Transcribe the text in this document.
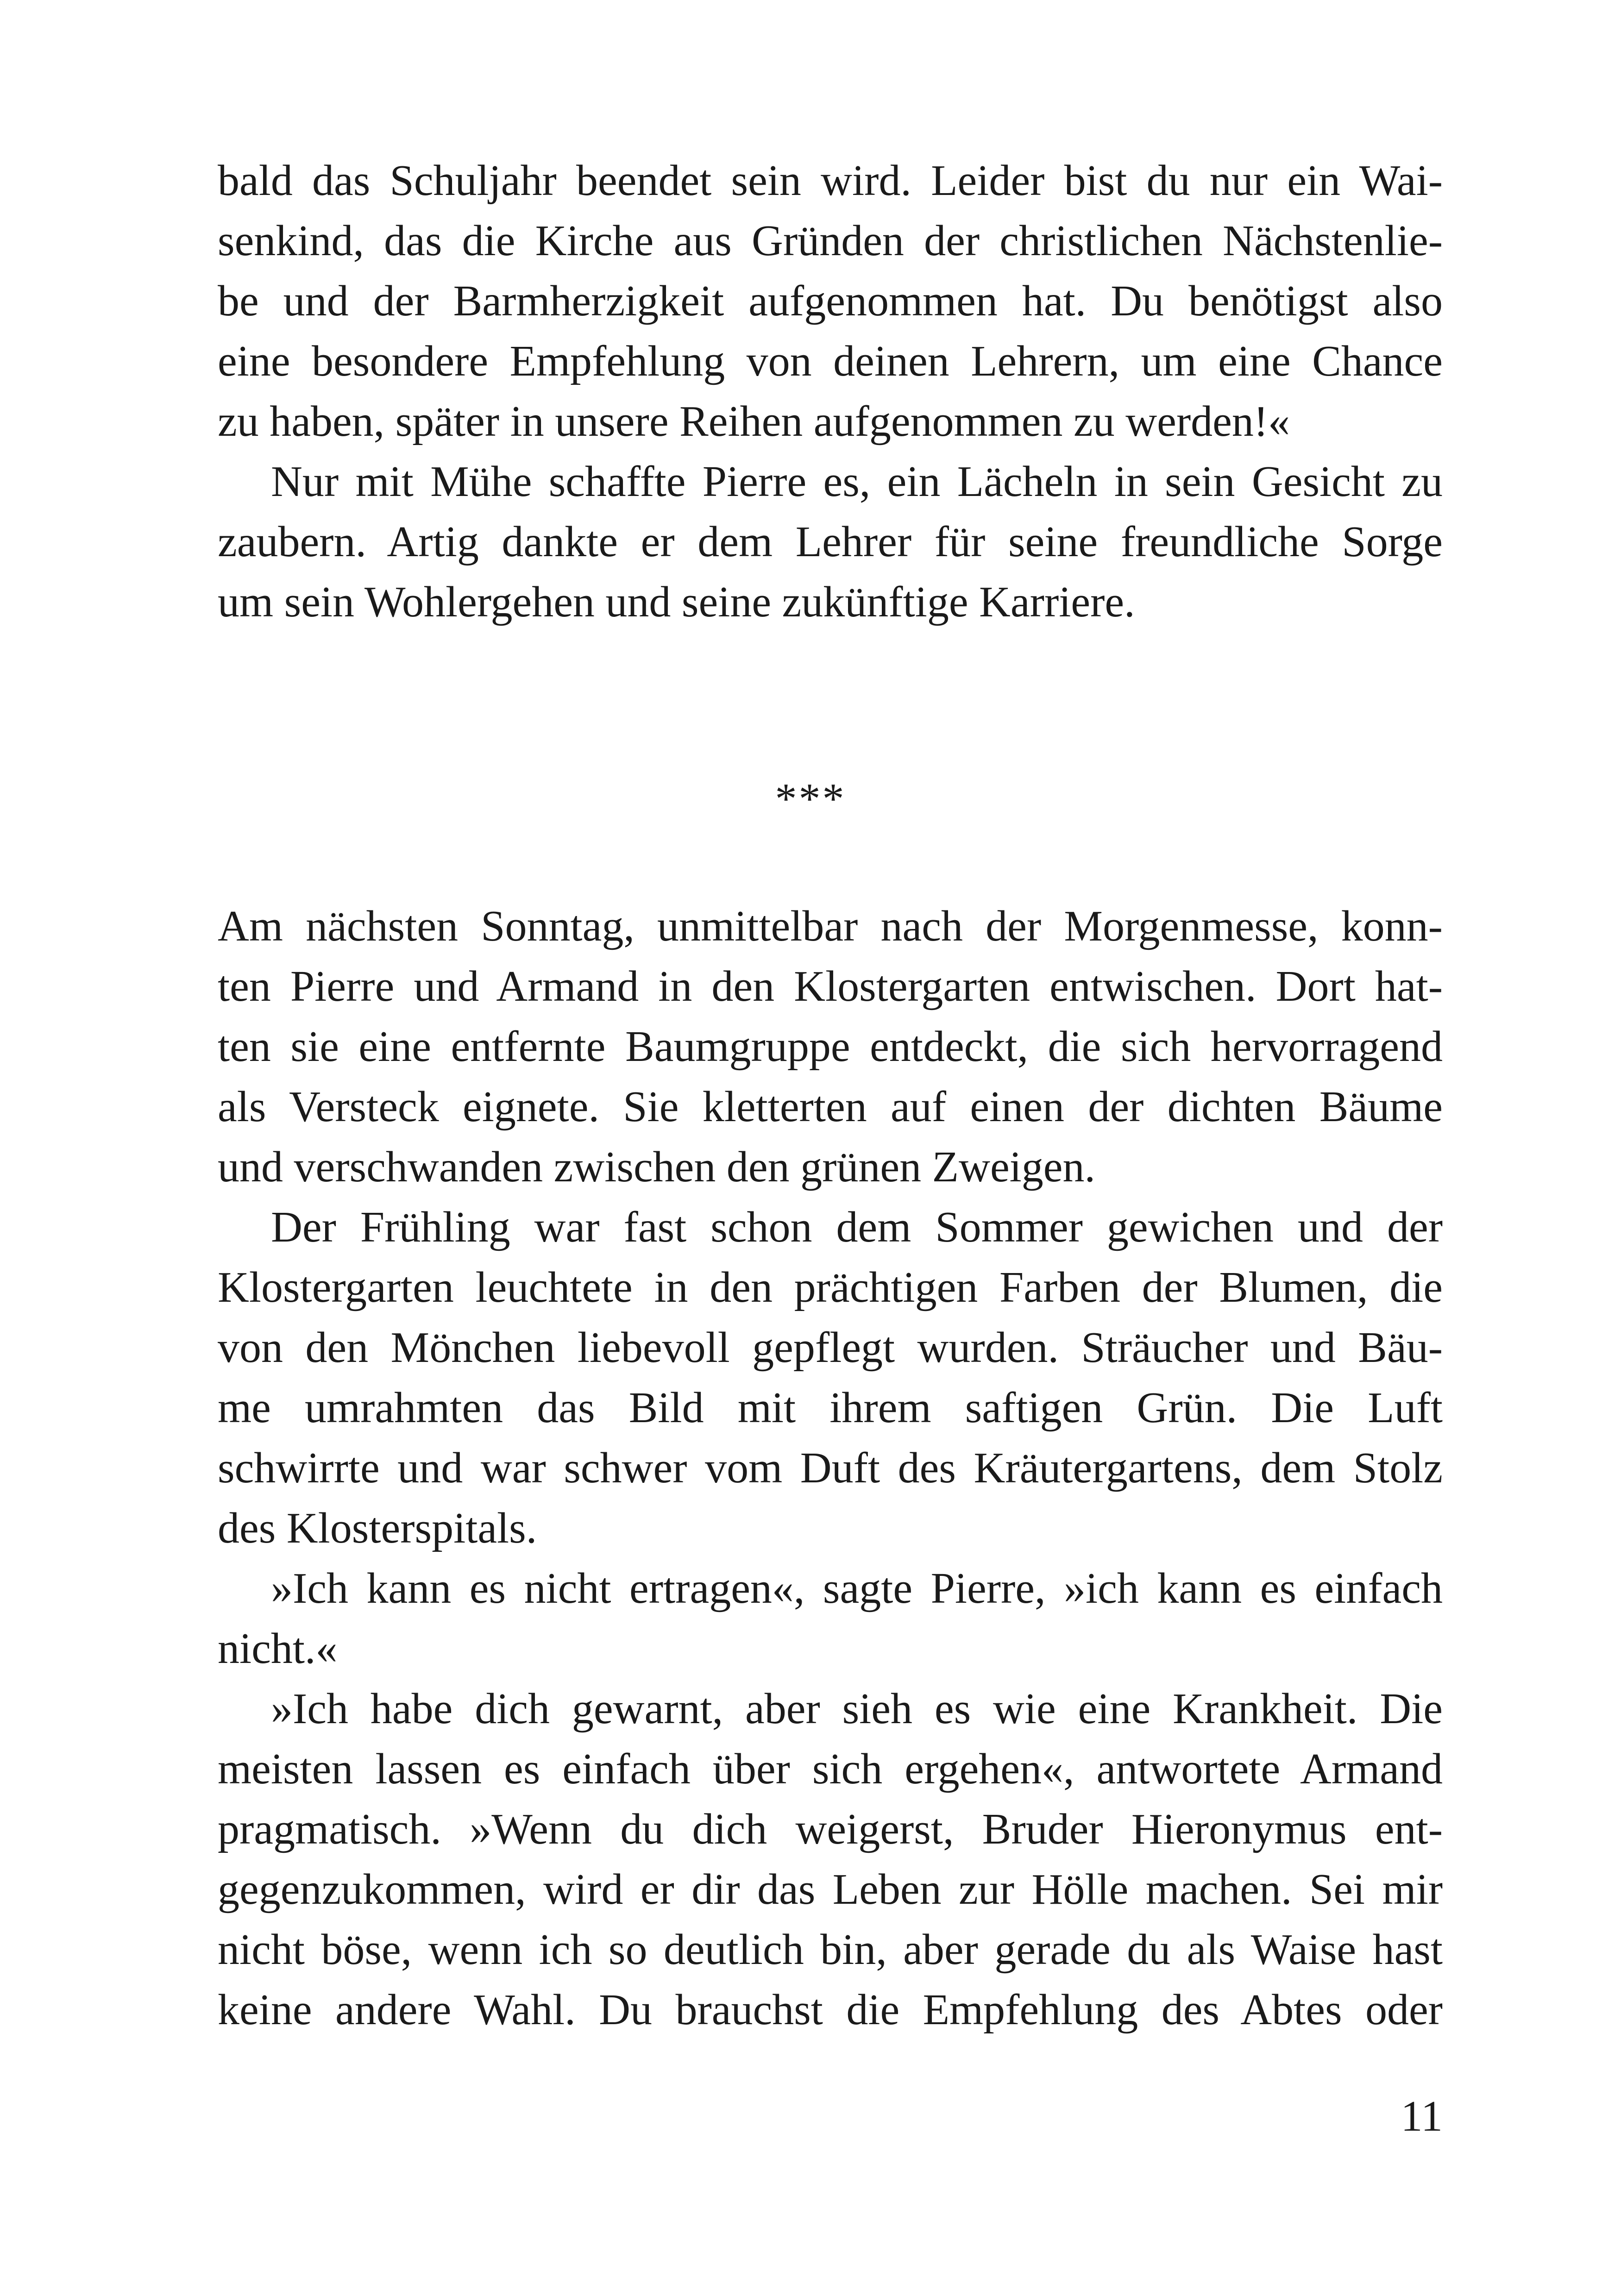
bald das Schuljahr beendet sein wird. Leider bist du nur ein Wai-
senkind, das die Kirche aus Gründen der christlichen Nächstenlie-
be und der Barmherzigkeit aufgenommen hat. Du benötigst also
eine besondere Empfehlung von deinen Lehrern, um eine Chance
zu haben, später in unsere Reihen aufgenommen zu werden!«
Nur mit Mühe schaffte Pierre es, ein Lächeln in sein Gesicht zu
zaubern. Artig dankte er dem Lehrer für seine freundliche Sorge
um sein Wohlergehen und seine zukünftige Karriere.
***
Am nächsten Sonntag, unmittelbar nach der Morgenmesse, konn-
ten Pierre und Armand in den Klostergarten entwischen. Dort hat-
ten sie eine entfernte Baumgruppe entdeckt, die sich hervorragend
als Versteck eignete. Sie kletterten auf einen der dichten Bäume
und verschwanden zwischen den grünen Zweigen.
Der Frühling war fast schon dem Sommer gewichen und der
Klostergarten leuchtete in den prächtigen Farben der Blumen, die
von den Mönchen liebevoll gepflegt wurden. Sträucher und Bäu-
me umrahmten das Bild mit ihrem saftigen Grün. Die Luft
schwirrte und war schwer vom Duft des Kräutergartens, dem Stolz
des Klosterspitals.
»Ich kann es nicht ertragen«, sagte Pierre, »ich kann es einfach
nicht.«
»Ich habe dich gewarnt, aber sieh es wie eine Krankheit. Die
meisten lassen es einfach über sich ergehen«, antwortete Armand
pragmatisch. »Wenn du dich weigerst, Bruder Hieronymus ent-
gegenzukommen, wird er dir das Leben zur Hölle machen. Sei mir
nicht böse, wenn ich so deutlich bin, aber gerade du als Waise hast
keine andere Wahl. Du brauchst die Empfehlung des Abtes oder
11
